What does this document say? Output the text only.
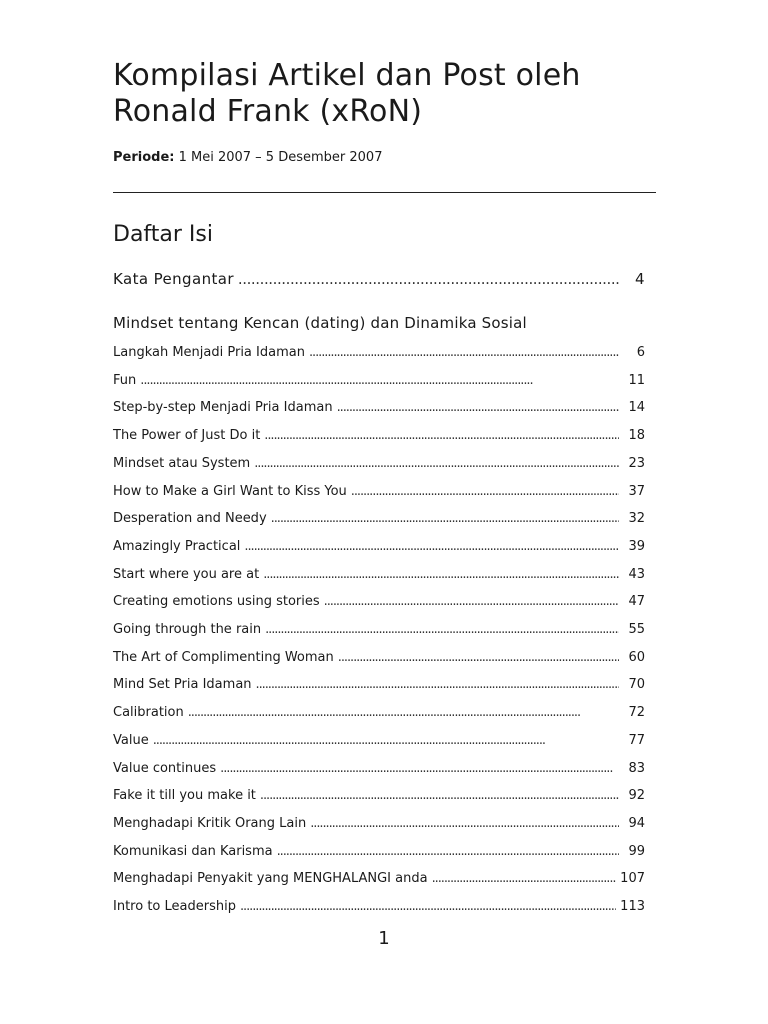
Kompilasi Artikel dan Post oleh
Ronald Frank (xRoN)
Periode: 1 Mei 2007 – 5 Desember 2007
Daftar Isi
Kata Pengantar . . .	4
Mindset tentang Kencan (dating) dan Dinamika Sosial
Langkah Menjadi Pria Idaman . . .	6
Fun . . .	11
Step-by-step Menjadi Pria Idaman . . .	14
The Power of Just Do it . . .	18
Mindset atau System . . .	23
How to Make a Girl Want to Kiss You . . .	37
Desperation and Needy . . .	32
Amazingly Practical . . .	39
Start where you are at . . .	43
Creating emotions using stories . . .	47
Going through the rain . . .	55
The Art of Complimenting Woman . . .	60
Mind Set Pria Idaman . . .	70
Calibration . . .	72
Value . . .	77
Value continues . . .	83
Fake it till you make it . . .	92
Menghadapi Kritik Orang Lain . . .	94
Komunikasi dan Karisma . . .	99
Menghadapi Penyakit yang MENGHALANGI anda . . .	107
Intro to Leadership . . .	113
1
